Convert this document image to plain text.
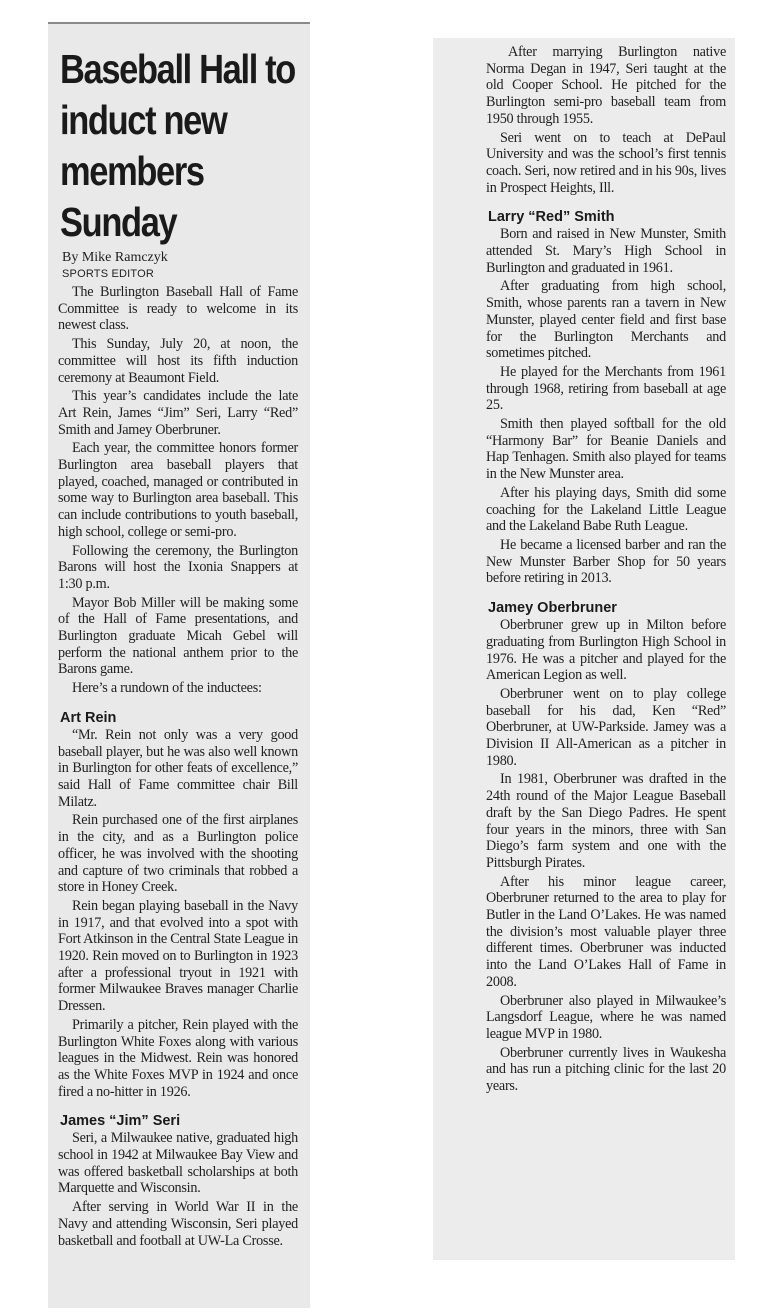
Baseball Hall to induct new members Sunday
By Mike Ramczyk
SPORTS EDITOR

The Burlington Baseball Hall of Fame Committee is ready to welcome in its newest class.

This Sunday, July 20, at noon, the committee will host its fifth induction ceremony at Beaumont Field.

This year’s candidates include the late Art Rein, James “Jim” Seri, Larry “Red” Smith and Jamey Oberbruner.

Each year, the committee honors former Burlington area baseball players that played, coached, managed or contributed in some way to Burlington area baseball. This can include contributions to youth baseball, high school, college or semi-pro.

Following the ceremony, the Burlington Barons will host the Ixonia Snappers at 1:30 p.m.

Mayor Bob Miller will be making some of the Hall of Fame presentations, and Burlington graduate Micah Gebel will perform the national anthem prior to the Barons game.

Here’s a rundown of the inductees:

Art Rein

“Mr. Rein not only was a very good baseball player, but he was also well known in Burlington for other feats of excellence,” said Hall of Fame committee chair Bill Milatz.

Rein purchased one of the first airplanes in the city, and as a Burlington police officer, he was involved with the shooting and capture of two criminals that robbed a store in Honey Creek.

Rein began playing baseball in the Navy in 1917, and that evolved into a spot with Fort Atkinson in the Central State League in 1920. Rein moved on to Burlington in 1923 after a professional tryout in 1921 with former Milwaukee Braves manager Charlie Dressen.

Primarily a pitcher, Rein played with the Burlington White Foxes along with various leagues in the Midwest. Rein was honored as the White Foxes MVP in 1924 and once fired a no-hitter in 1926.

James “Jim” Seri

Seri, a Milwaukee native, graduated high school in 1942 at Milwaukee Bay View and was offered basketball scholarships at both Marquette and Wisconsin.

After serving in World War II in the Navy and attending Wisconsin, Seri played basketball and football at UW-La Crosse.

After marrying Burlington native Norma Degan in 1947, Seri taught at the old Cooper School. He pitched for the Burlington semi-pro baseball team from 1950 through 1955.

Seri went on to teach at DePaul University and was the school’s first tennis coach. Seri, now retired and in his 90s, lives in Prospect Heights, Ill.

Larry “Red” Smith

Born and raised in New Munster, Smith attended St. Mary’s High School in Burlington and graduated in 1961.

After graduating from high school, Smith, whose parents ran a tavern in New Munster, played center field and first base for the Burlington Merchants and sometimes pitched.

He played for the Merchants from 1961 through 1968, retiring from baseball at age 25.

Smith then played softball for the old “Harmony Bar” for Beanie Daniels and Hap Tenhagen. Smith also played for teams in the New Munster area.

After his playing days, Smith did some coaching for the Lakeland Little League and the Lakeland Babe Ruth League.

He became a licensed barber and ran the New Munster Barber Shop for 50 years before retiring in 2013.

Jamey Oberbruner

Oberbruner grew up in Milton before graduating from Burlington High School in 1976. He was a pitcher and played for the American Legion as well.

Oberbruner went on to play college baseball for his dad, Ken “Red” Oberbruner, at UW-Parkside. Jamey was a Division II All-American as a pitcher in 1980.

In 1981, Oberbruner was drafted in the 24th round of the Major League Baseball draft by the San Diego Padres. He spent four years in the minors, three with San Diego’s farm system and one with the Pittsburgh Pirates.

After his minor league career, Oberbruner returned to the area to play for Butler in the Land O’Lakes. He was named the division’s most valuable player three different times. Oberbruner was inducted into the Land O’Lakes Hall of Fame in 2008.

Oberbruner also played in Milwaukee’s Langsdorf League, where he was named league MVP in 1980.

Oberbruner currently lives in Waukesha and has run a pitching clinic for the last 20 years.
